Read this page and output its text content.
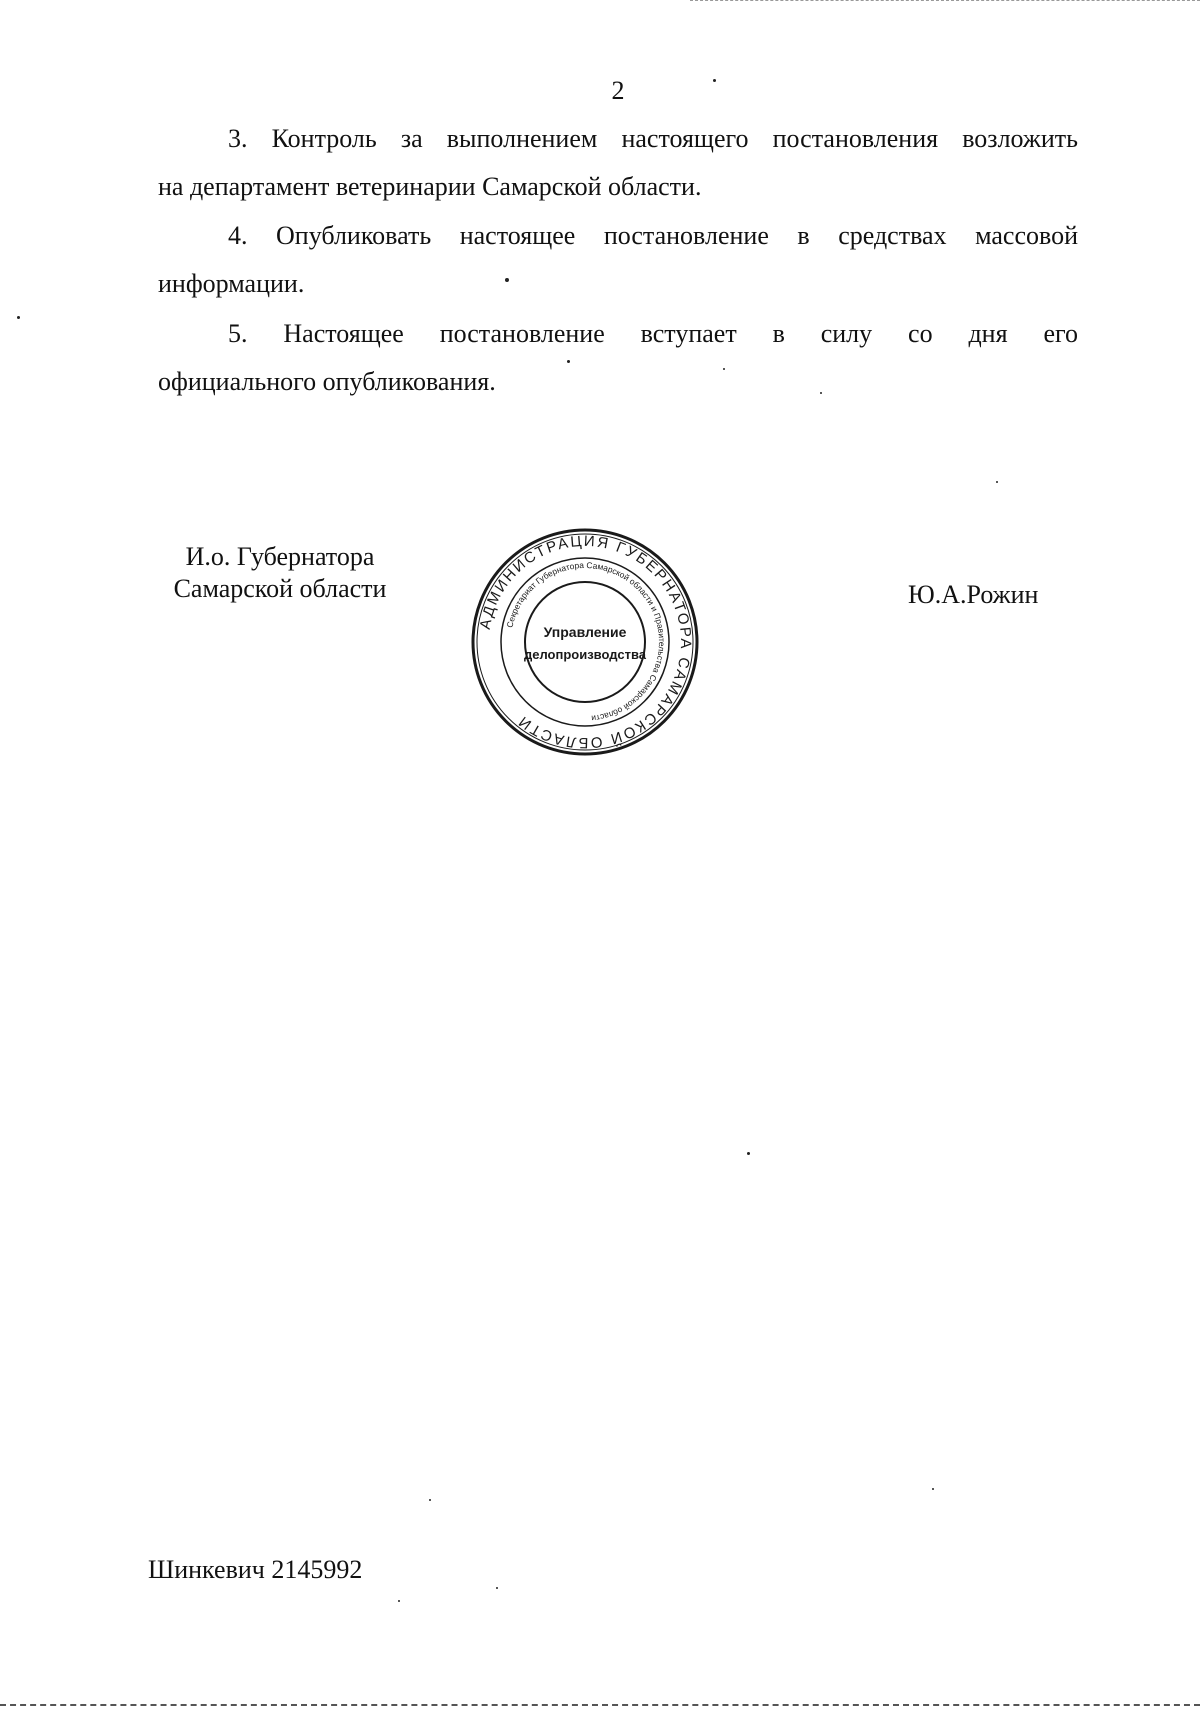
2
3. Контроль за выполнением настоящего постановления возложить
на департамент ветеринарии Самарской области.
4. Опубликовать настоящее постановление в средствах массовой
информации.
5. Настоящее постановление вступает в силу со дня его
официального опубликования.
И.о. Губернатора
Самарской области
АДМИНИСТРАЦИЯ ГУБЕРНАТОРА САМАРСКОЙ ОБЛАСТИ
Секретариат Губернатора Самарской области и Правительства Самарской области
Управление
делопроизводства
Ю.А.Рожин
Шинкевич 2145992
